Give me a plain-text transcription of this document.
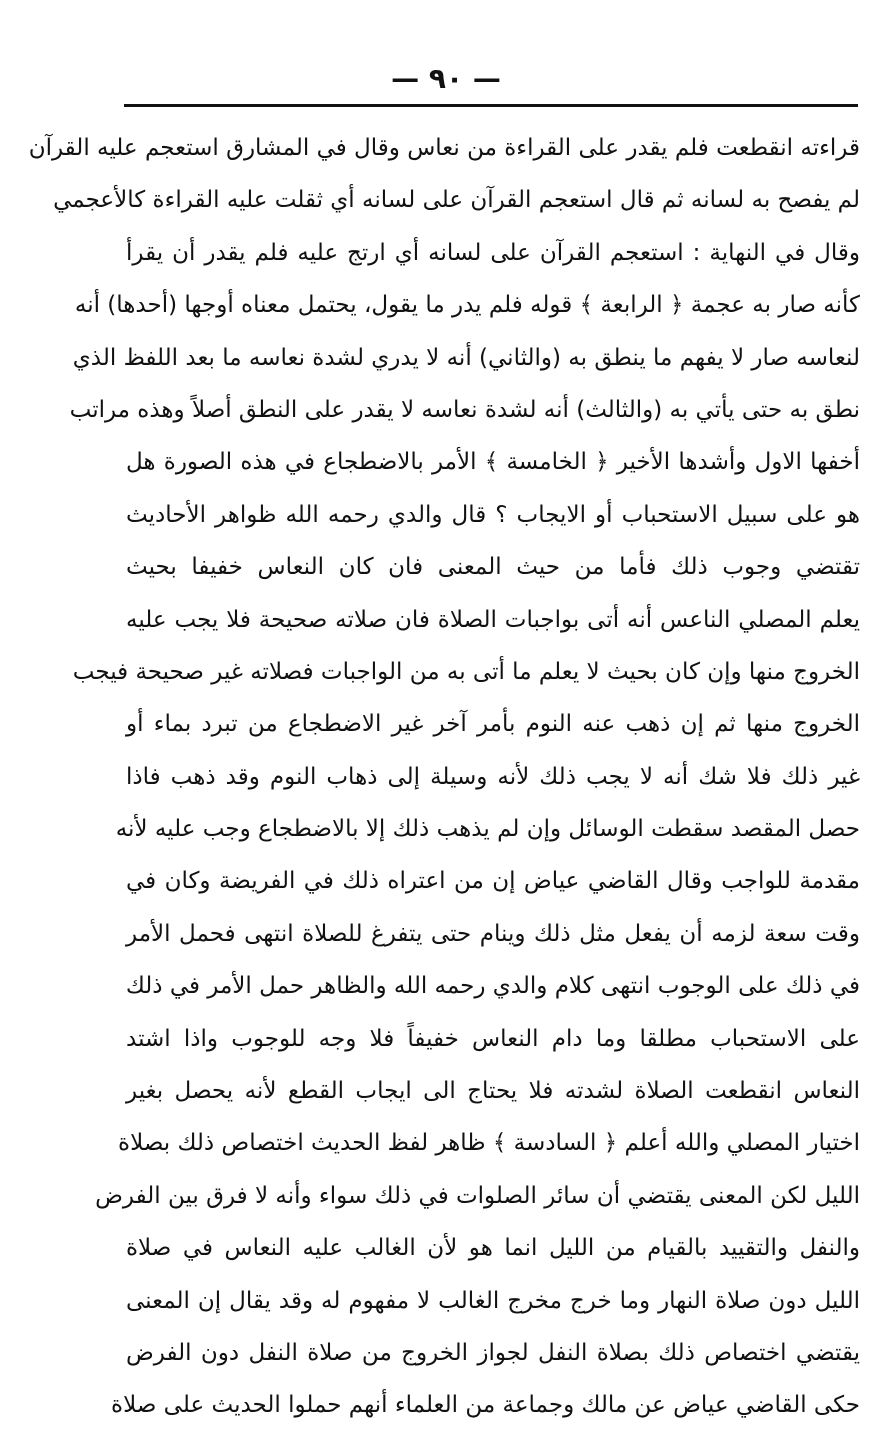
— ٩٠ —
قراءته انقطعت فلم يقدر على القراءة من نعاس وقال في المشارق استعجم عليه القرآن
لم يفصح به لسانه ثم قال استعجم القرآن على لسانه أي ثقلت عليه القراءة كالأعجمي
وقال في النهاية : استعجم القرآن على لسانه أي ارتج عليه فلم يقدر أن يقرأ
كأنه صار به عجمة ﴿ الرابعة ﴾ قوله فلم يدر ما يقول، يحتمل معناه أوجها (أحدها) أنه
لنعاسه صار لا يفهم ما ينطق به (والثاني) أنه لا يدري لشدة نعاسه ما بعد اللفظ الذي
نطق به حتى يأتي به (والثالث) أنه لشدة نعاسه لا يقدر على النطق أصلاً وهذه مراتب
أخفها الاول وأشدها الأخير ﴿ الخامسة ﴾ الأمر بالاضطجاع في هذه الصورة هل
هو على سبيل الاستحباب أو الايجاب ؟ قال والدي رحمه الله ظواهر الأحاديث
تقتضي وجوب ذلك فأما من حيث المعنى فان كان النعاس خفيفا بحيث
يعلم المصلي الناعس أنه أتى بواجبات الصلاة فان صلاته صحيحة فلا يجب عليه
الخروج منها وإن كان بحيث لا يعلم ما أتى به من الواجبات فصلاته غير صحيحة فيجب
الخروج منها ثم إن ذهب عنه النوم بأمر آخر غير الاضطجاع من تبرد بماء أو
غير ذلك فلا شك أنه لا يجب ذلك لأنه وسيلة إلى ذهاب النوم وقد ذهب فاذا
حصل المقصد سقطت الوسائل وإن لم يذهب ذلك إلا بالاضطجاع وجب عليه لأنه
مقدمة للواجب وقال القاضي عياض إن من اعتراه ذلك في الفريضة وكان في
وقت سعة لزمه أن يفعل مثل ذلك وينام حتى يتفرغ للصلاة انتهى فحمل الأمر
في ذلك على الوجوب انتهى كلام والدي رحمه الله والظاهر حمل الأمر في ذلك
على الاستحباب مطلقا وما دام النعاس خفيفاً فلا وجه للوجوب واذا اشتد
النعاس انقطعت الصلاة لشدته فلا يحتاج الى ايجاب القطع لأنه يحصل بغير
اختيار المصلي والله أعلم ﴿ السادسة ﴾ ظاهر لفظ الحديث اختصاص ذلك بصلاة
الليل لكن المعنى يقتضي أن سائر الصلوات في ذلك سواء وأنه لا فرق بين الفرض
والنفل والتقييد بالقيام من الليل انما هو لأن الغالب عليه النعاس في صلاة
الليل دون صلاة النهار وما خرج مخرج الغالب لا مفهوم له وقد يقال إن المعنى
يقتضي اختصاص ذلك بصلاة النفل لجواز الخروج من صلاة النفل دون الفرض
حكى القاضي عياض عن مالك وجماعة من العلماء أنهم حملوا الحديث على صلاة
